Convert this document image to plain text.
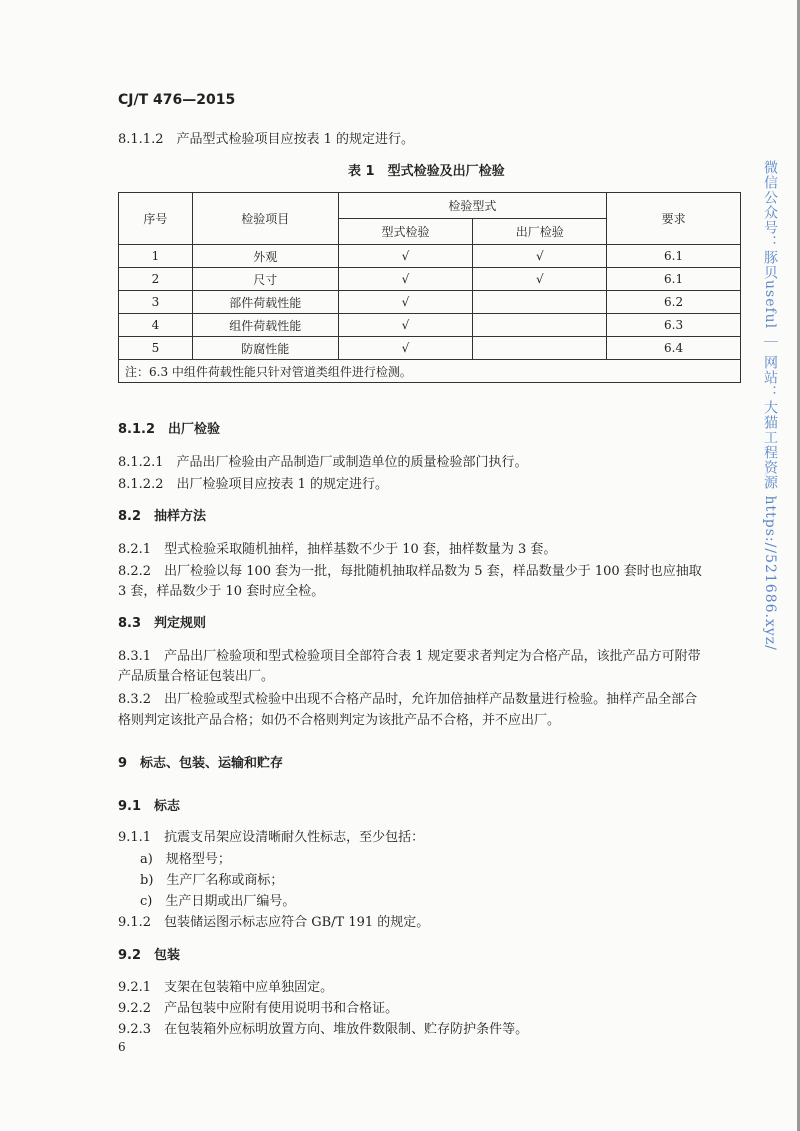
CJ/T 476—2015
8.1.1.2　产品型式检验项目应按表 1 的规定进行。
表 1　型式检验及出厂检验
序号	检验项目	检验型式		要求
		型式检验	出厂检验	
1	外观	√	√	6.1
2	尺寸	√	√	6.1
3	部件荷载性能	√		6.2
4	组件荷载性能	√		6.3
5	防腐性能	√		6.4
注：6.3 中组件荷载性能只针对管道类组件进行检测。				
8.1.2　出厂检验
8.1.2.1　产品出厂检验由产品制造厂或制造单位的质量检验部门执行。
8.1.2.2　出厂检验项目应按表 1 的规定进行。
8.2　抽样方法
8.2.1　型式检验采取随机抽样，抽样基数不少于 10 套，抽样数量为 3 套。
8.2.2　出厂检验以每 100 套为一批，每批随机抽取样品数为 5 套，样品数量少于 100 套时也应抽取
3 套，样品数少于 10 套时应全检。
8.3　判定规则
8.3.1　产品出厂检验项和型式检验项目全部符合表 1 规定要求者判定为合格产品，该批产品方可附带
产品质量合格证包装出厂。
8.3.2　出厂检验或型式检验中出现不合格产品时，允许加倍抽样产品数量进行检验。抽样产品全部合
格则判定该批产品合格；如仍不合格则判定为该批产品不合格，并不应出厂。
9　标志、包装、运输和贮存
9.1　标志
9.1.1　抗震支吊架应设清晰耐久性标志，至少包括：
a)　规格型号；
b)　生产厂名称或商标；
c)　生产日期或出厂编号。
9.1.2　包装储运图示标志应符合 GB/T 191 的规定。
9.2　包装
9.2.1　支架在包装箱中应单独固定。
9.2.2　产品包装中应附有使用说明书和合格证。
9.2.3　在包装箱外应标明放置方向、堆放件数限制、贮存防护条件等。
6
微信公众号：豚贝useful ｜ 网站：大猫工程资源 https://521686.xyz/
